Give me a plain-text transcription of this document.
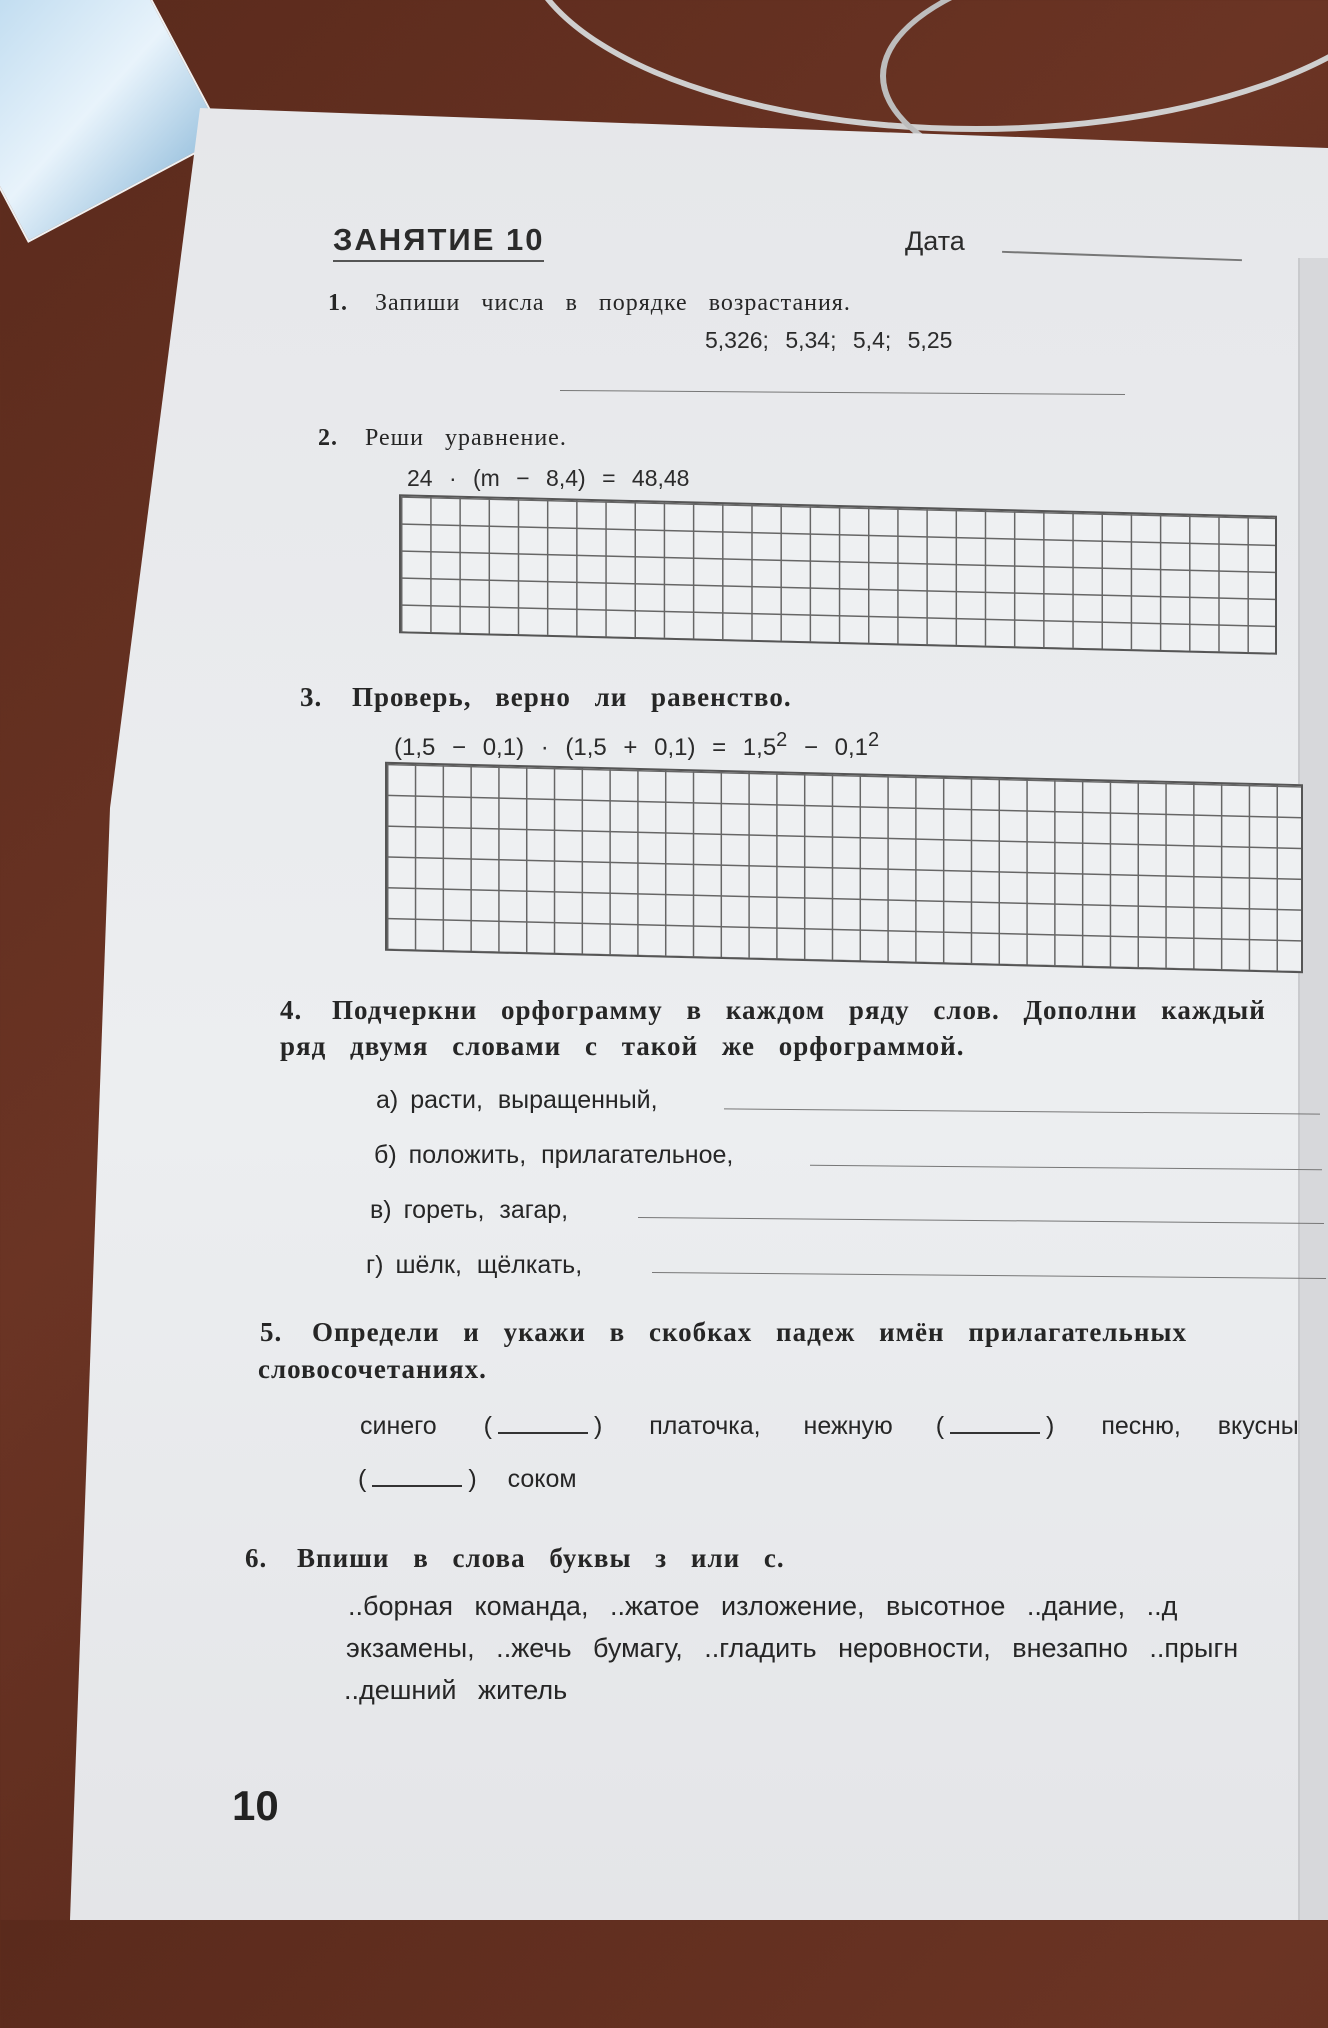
ЗАНЯТИЕ 10	Дата
1. Запиши числа в порядке возрастания.
5,326; 5,34; 5,4; 5,25
2. Реши уравнение.
24 · (m − 8,4) = 48,48
3. Проверь, верно ли равенство.
$(1,5 - 0,1) \cdot (1,5 + 0,1) = 1,5^2 - 0,1^2$
4. Подчеркни орфограмму в каждом ряду слов. Дополни каждый
ряд двумя словами с такой же орфограммой.
а) расти, выращенный,
б) положить, прилагательное,
в) гореть, загар,
г) шёлк, щёлкать,
5. Определи и укажи в скобках падеж имён прилагательных
словосочетаниях.
синего (	) платочка, нежную (	) песню, вкусны
(	) соком
6. Впиши в слова буквы з или с.
..борная команда, ..жатое изложение, высотное ..дание, ..д
экзамены, ..жечь бумагу, ..гладить неровности, внезапно ..прыгн
..дешний житель
10
